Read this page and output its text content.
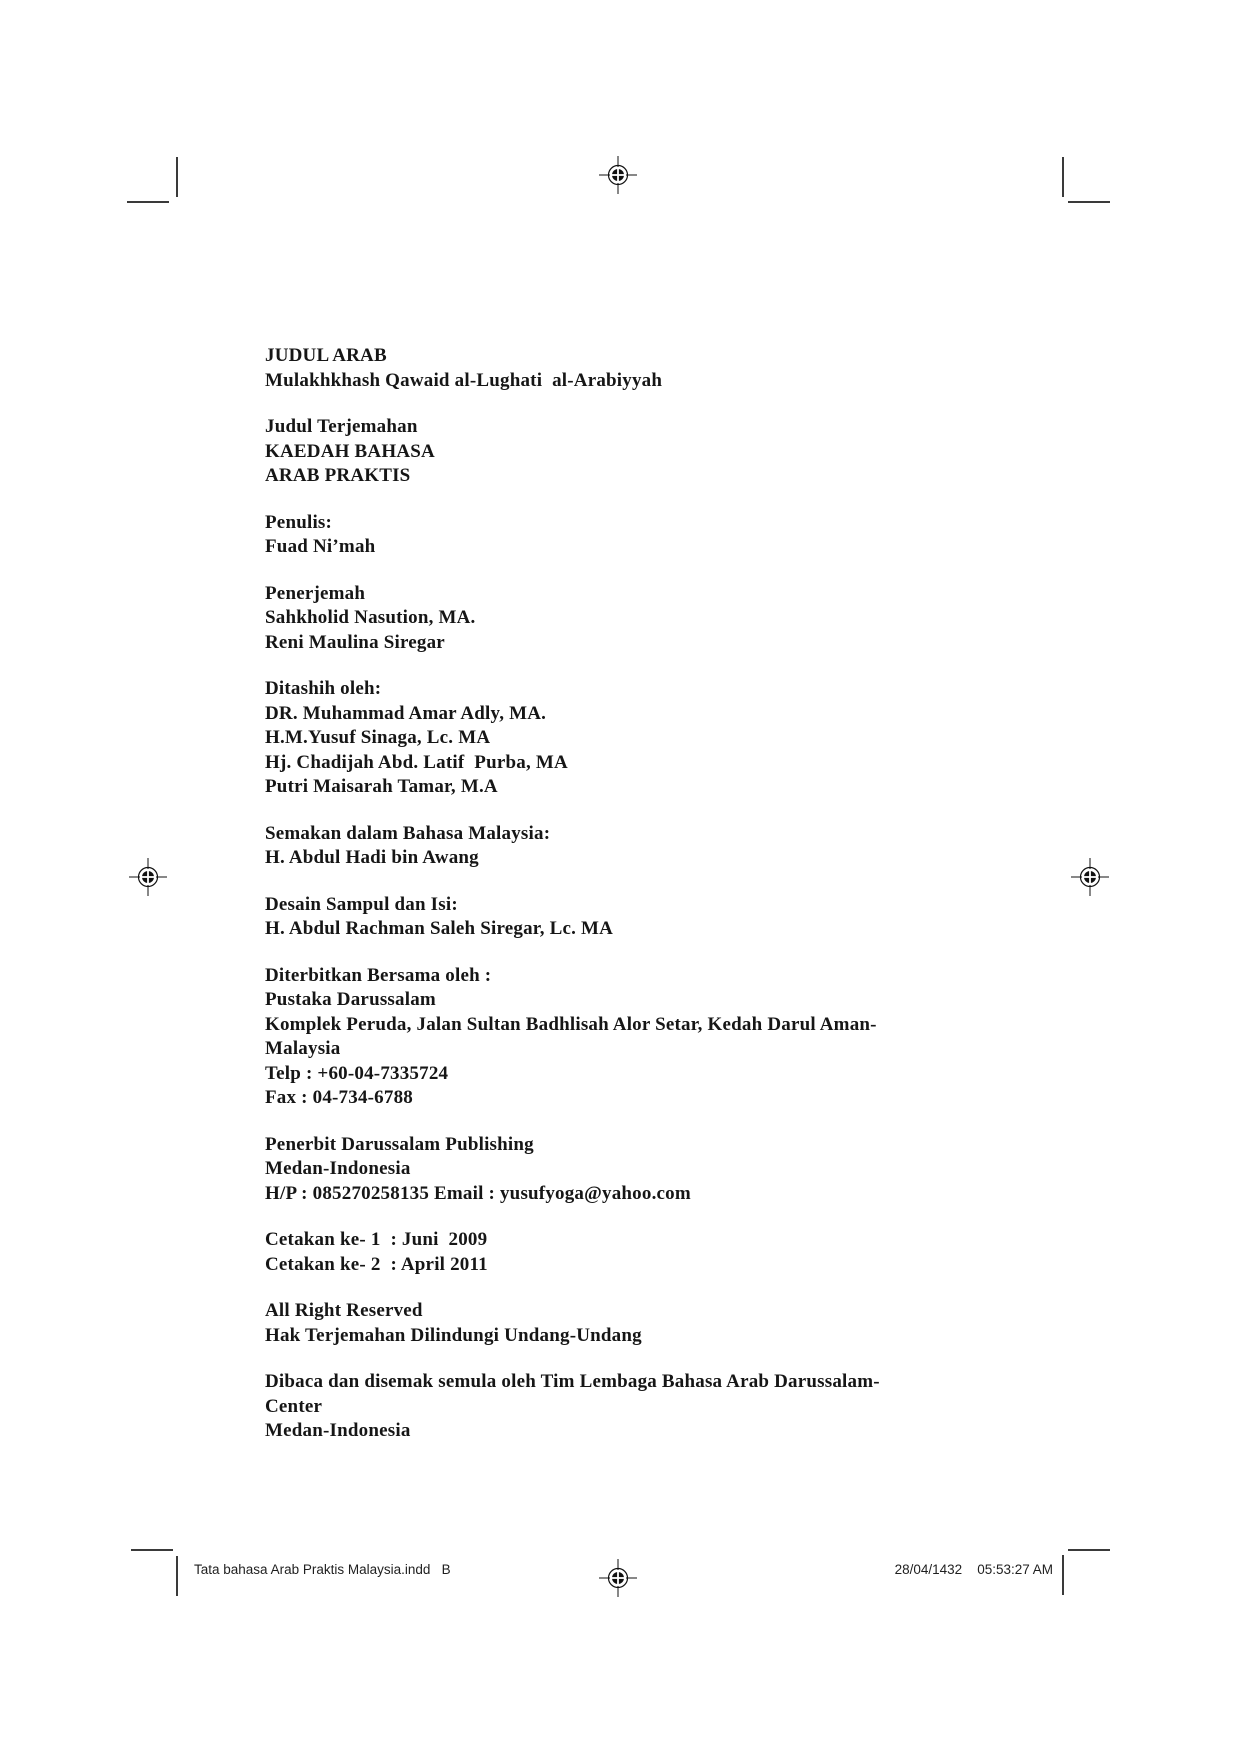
JUDUL ARAB
Mulakhkhash Qawaid al-Lughati  al-Arabiyyah
Judul Terjemahan
KAEDAH BAHASA
ARAB PRAKTIS
Penulis:
Fuad Ni’mah
Penerjemah
Sahkholid Nasution, MA.
Reni Maulina Siregar
Ditashih oleh:
DR. Muhammad Amar Adly, MA.
H.M.Yusuf Sinaga, Lc. MA
Hj. Chadijah Abd. Latif  Purba, MA
Putri Maisarah Tamar, M.A
Semakan dalam Bahasa Malaysia:
H. Abdul Hadi bin Awang
Desain Sampul dan Isi:
H. Abdul Rachman Saleh Siregar, Lc. MA
Diterbitkan Bersama oleh :
Pustaka Darussalam
Komplek Peruda, Jalan Sultan Badhlisah Alor Setar, Kedah Darul Aman-
Malaysia
Telp : +60-04-7335724
Fax : 04-734-6788
Penerbit Darussalam Publishing
Medan-Indonesia
H/P : 085270258135 Email : yusufyoga@yahoo.com
Cetakan ke- 1  : Juni  2009
Cetakan ke- 2  : April 2011
All Right Reserved
Hak Terjemahan Dilindungi Undang-Undang
Dibaca dan disemak semula oleh Tim Lembaga Bahasa Arab Darussalam-
Center
Medan-Indonesia
Tata bahasa Arab Praktis Malaysia.indd   B	28/04/1432    05:53:27 AM
